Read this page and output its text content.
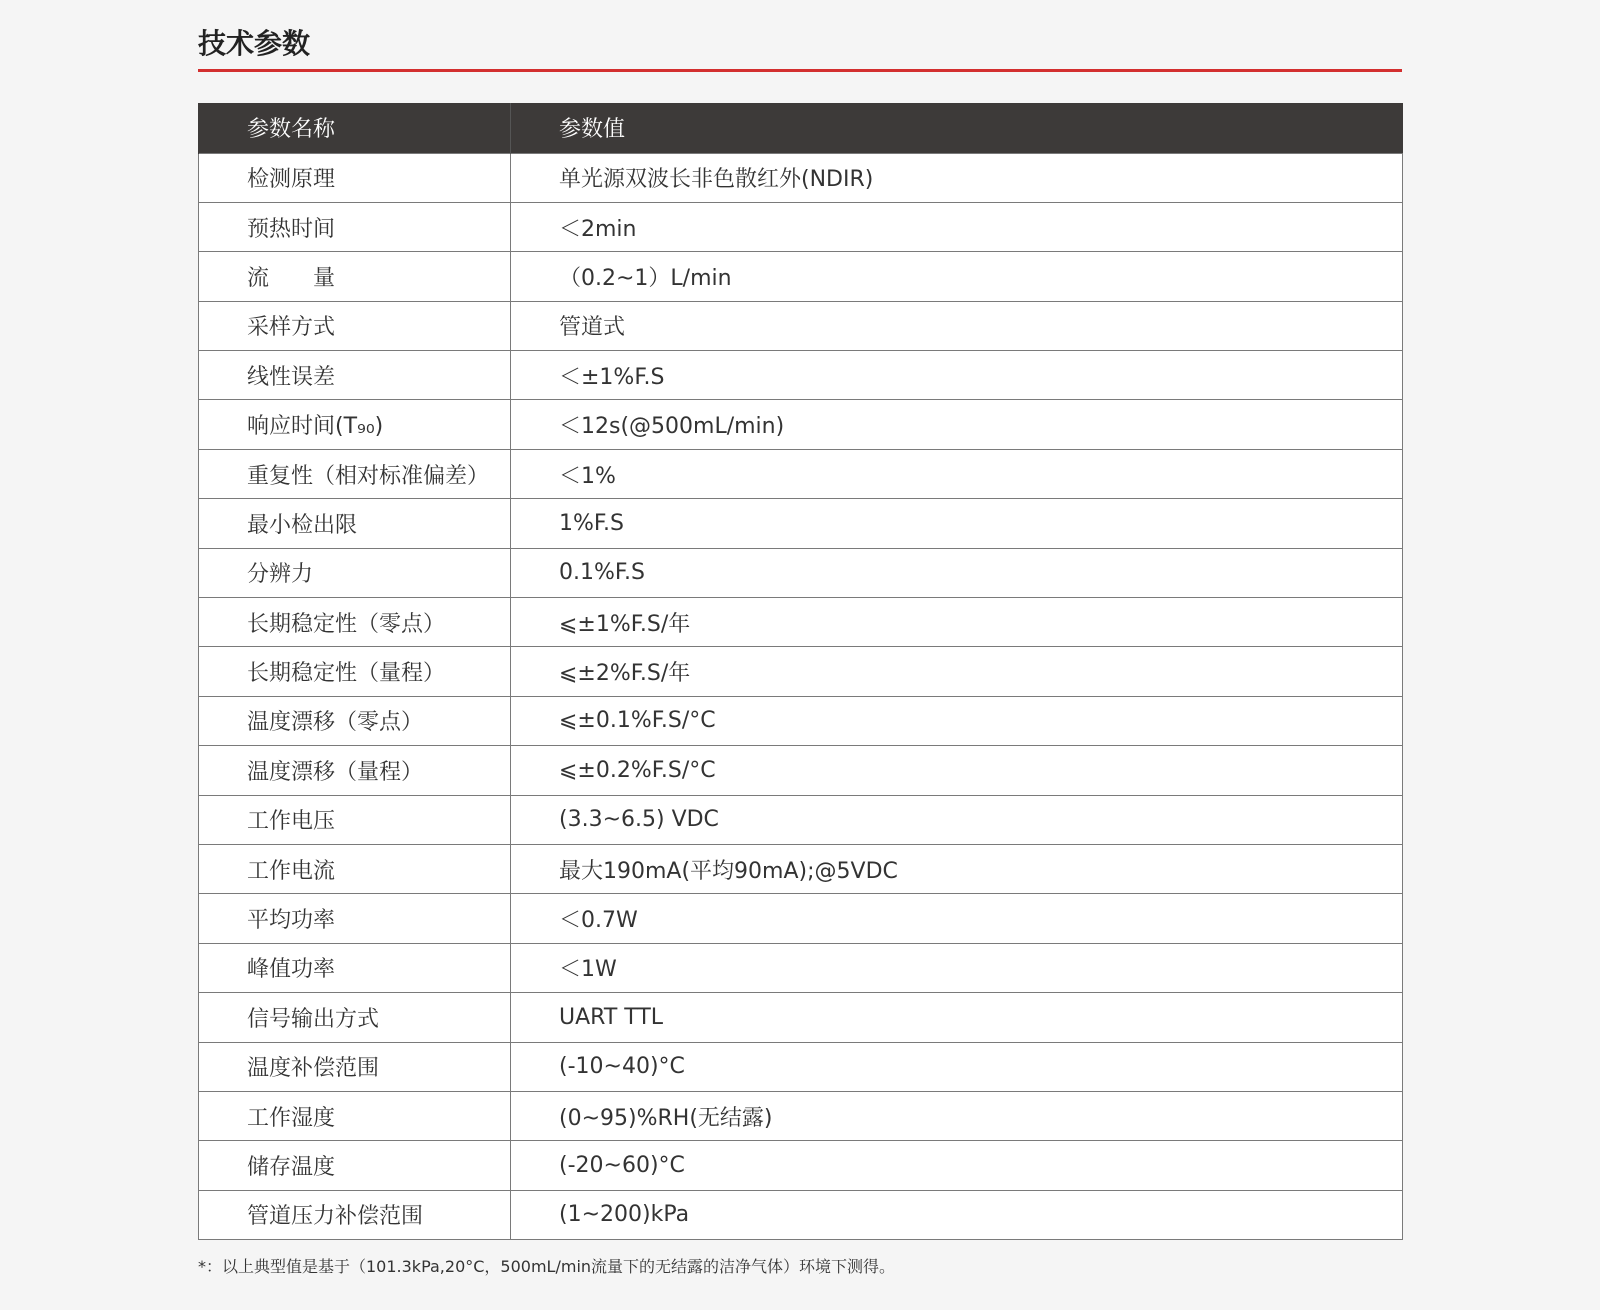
技术参数
参数名称	参数值
检测原理	单光源双波长非色散红外(NDIR)
预热时间	＜2min
流　　量	（0.2~1）L/min
采样方式	管道式
线性误差	＜±1%F.S
响应时间(T₉₀)	＜12s(@500mL/min)
重复性（相对标准偏差）	＜1%
最小检出限	1%F.S
分辨力	0.1%F.S
长期稳定性（零点）	⩽±1%F.S/年
长期稳定性（量程）	⩽±2%F.S/年
温度漂移（零点）	⩽±0.1%F.S/°C
温度漂移（量程）	⩽±0.2%F.S/°C
工作电压	(3.3~6.5) VDC
工作电流	最大190mA(平均90mA);@5VDC
平均功率	＜0.7W
峰值功率	＜1W
信号输出方式	UART TTL
温度补偿范围	(-10~40)°C
工作湿度	(0~95)%RH(无结露)
储存温度	(-20~60)°C
管道压力补偿范围	(1~200)kPa

*：以上典型值是基于（101.3kPa,20°C，500mL/min流量下的无结露的洁净气体）环境下测得。
